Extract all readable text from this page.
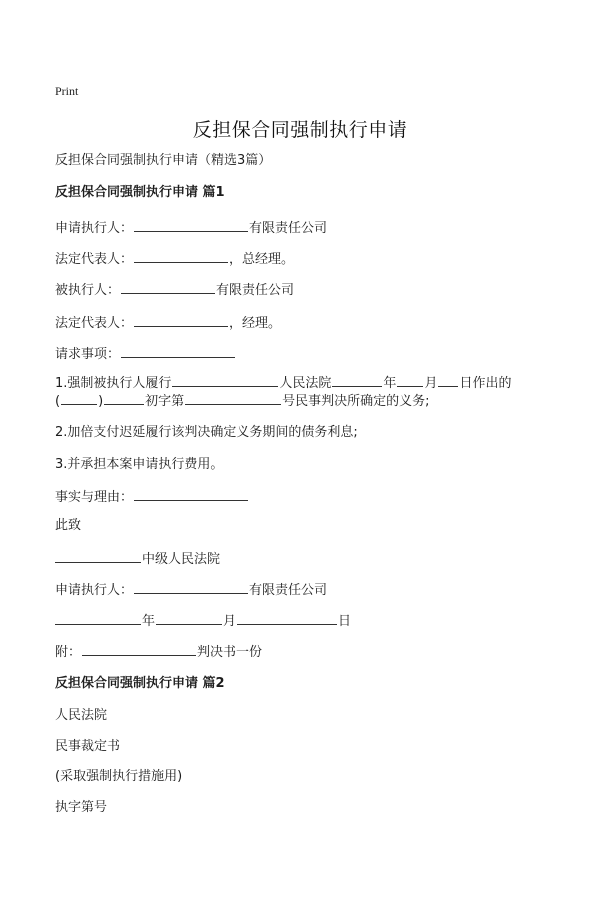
Print
反担保合同强制执行申请
反担保合同强制执行申请（精选3篇）
反担保合同强制执行申请 篇1
申请执行人：	有限责任公司
法定代表人：	，总经理。
被执行人：	有限责任公司
法定代表人：	，经理。
请求事项：
1.强制被执行人履行	人民法院	年 月 日作出的
(	)	初字第	号民事判决所确定的义务;
2.加倍支付迟延履行该判决确定义务期间的债务利息;
3.并承担本案申请执行费用。
事实与理由：
此致
中级人民法院
申请执行人：	有限责任公司
年	月	日
附：	判决书一份
反担保合同强制执行申请 篇2
人民法院
民事裁定书
(采取强制执行措施用)
执字第号
